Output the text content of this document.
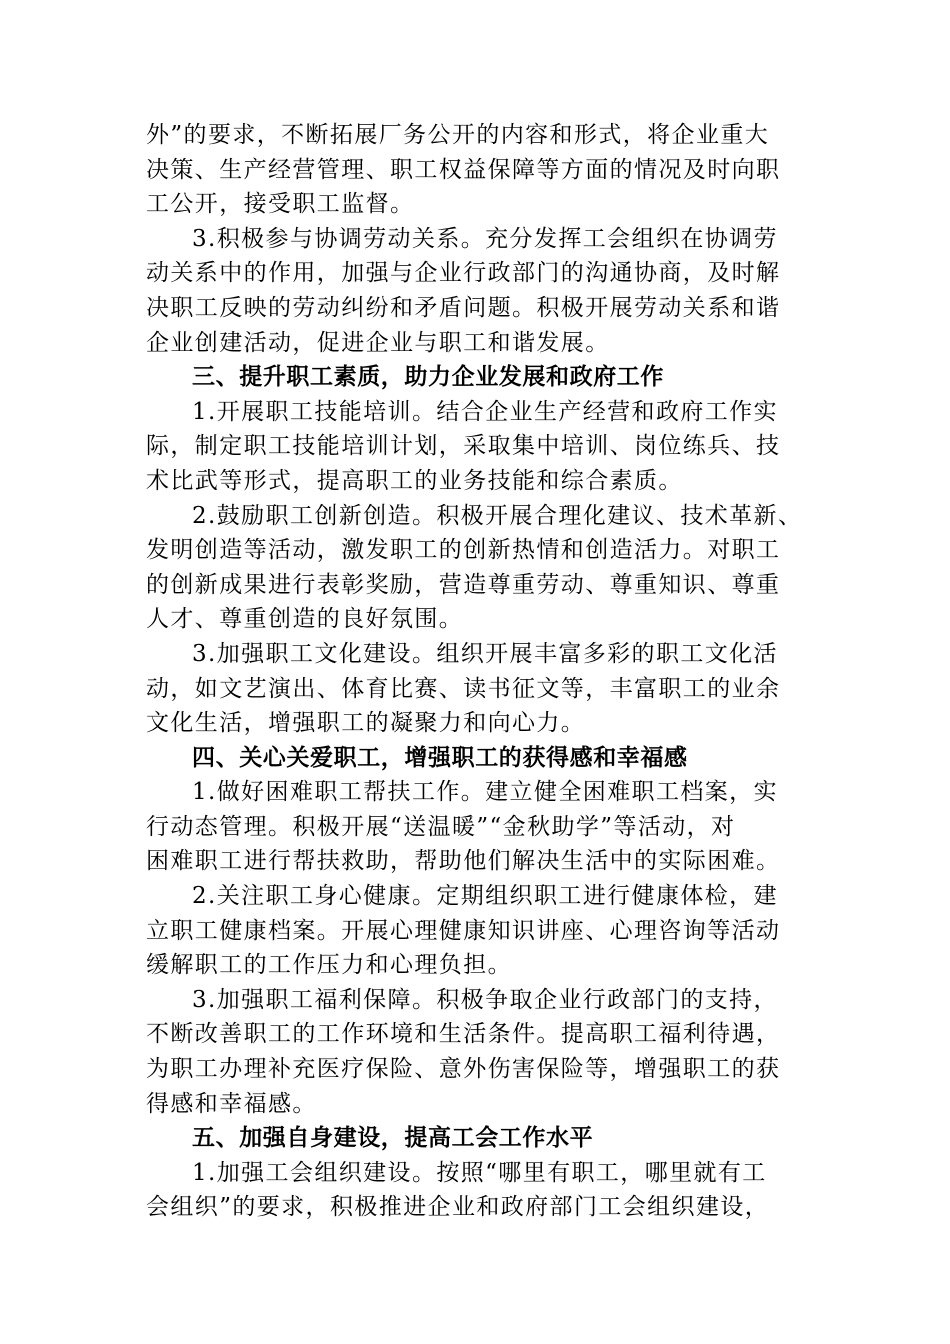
外”的要求，不断拓展厂务公开的内容和形式，将企业重大
决策、生产经营管理、职工权益保障等方面的情况及时向职
工公开，接受职工监督。
3.积极参与协调劳动关系。充分发挥工会组织在协调劳
动关系中的作用，加强与企业行政部门的沟通协商，及时解
决职工反映的劳动纠纷和矛盾问题。积极开展劳动关系和谐
企业创建活动，促进企业与职工和谐发展。
三、提升职工素质，助力企业发展和政府工作
1.开展职工技能培训。结合企业生产经营和政府工作实
际，制定职工技能培训计划，采取集中培训、岗位练兵、技
术比武等形式，提高职工的业务技能和综合素质。
2.鼓励职工创新创造。积极开展合理化建议、技术革新、
发明创造等活动，激发职工的创新热情和创造活力。对职工
的创新成果进行表彰奖励，营造尊重劳动、尊重知识、尊重
人才、尊重创造的良好氛围。
3.加强职工文化建设。组织开展丰富多彩的职工文化活
动，如文艺演出、体育比赛、读书征文等，丰富职工的业余
文化生活，增强职工的凝聚力和向心力。
四、关心关爱职工，增强职工的获得感和幸福感
1.做好困难职工帮扶工作。建立健全困难职工档案，实
行动态管理。积极开展“送温暖”“金秋助学”等活动，对
困难职工进行帮扶救助，帮助他们解决生活中的实际困难。
2.关注职工身心健康。定期组织职工进行健康体检，建
立职工健康档案。开展心理健康知识讲座、心理咨询等活动
缓解职工的工作压力和心理负担。
3.加强职工福利保障。积极争取企业行政部门的支持，
不断改善职工的工作环境和生活条件。提高职工福利待遇，
为职工办理补充医疗保险、意外伤害保险等，增强职工的获
得感和幸福感。
五、加强自身建设，提高工会工作水平
1.加强工会组织建设。按照“哪里有职工，哪里就有工
会组织”的要求，积极推进企业和政府部门工会组织建设，
